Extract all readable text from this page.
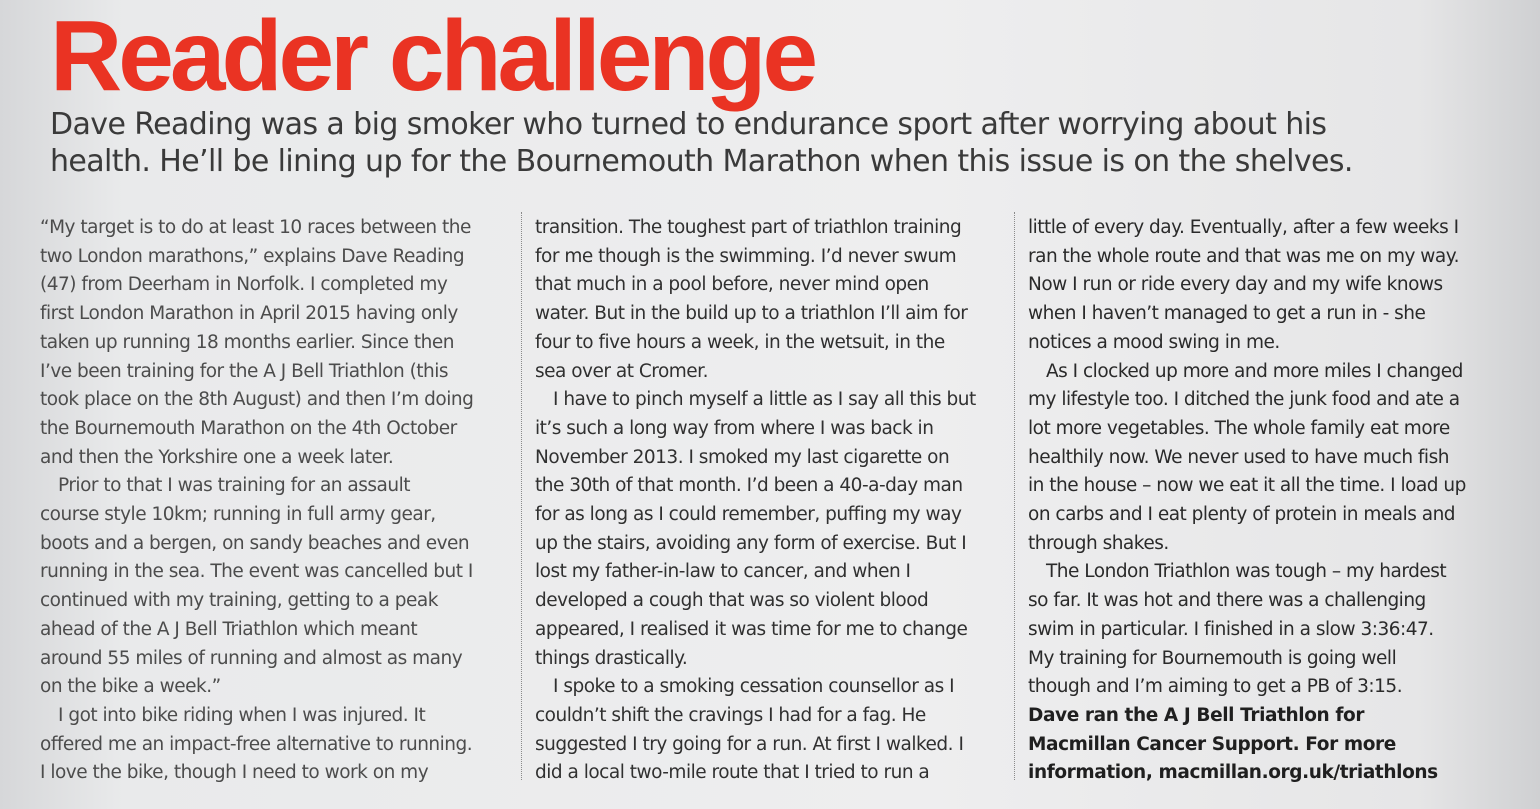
Reader challenge

Dave Reading was a big smoker who turned to endurance sport after worrying about his
health. He’ll be lining up for the Bournemouth Marathon when this issue is on the shelves.

“My target is to do at least 10 races between the
two London marathons,” explains Dave Reading
(47) from Deerham in Norfolk. I completed my
first London Marathon in April 2015 having only
taken up running 18 months earlier. Since then
I’ve been training for the A J Bell Triathlon (this
took place on the 8th August) and then I’m doing
the Bournemouth Marathon on the 4th October
and then the Yorkshire one a week later.
Prior to that I was training for an assault
course style 10km; running in full army gear,
boots and a bergen, on sandy beaches and even
running in the sea. The event was cancelled but I
continued with my training, getting to a peak
ahead of the A J Bell Triathlon which meant
around 55 miles of running and almost as many
on the bike a week.”
I got into bike riding when I was injured. It
offered me an impact-free alternative to running.
I love the bike, though I need to work on my
transition. The toughest part of triathlon training
for me though is the swimming. I’d never swum
that much in a pool before, never mind open
water. But in the build up to a triathlon I’ll aim for
four to five hours a week, in the wetsuit, in the
sea over at Cromer.
I have to pinch myself a little as I say all this but
it’s such a long way from where I was back in
November 2013. I smoked my last cigarette on
the 30th of that month. I’d been a 40-a-day man
for as long as I could remember, puffing my way
up the stairs, avoiding any form of exercise. But I
lost my father-in-law to cancer, and when I
developed a cough that was so violent blood
appeared, I realised it was time for me to change
things drastically.
I spoke to a smoking cessation counsellor as I
couldn’t shift the cravings I had for a fag. He
suggested I try going for a run. At first I walked. I
did a local two-mile route that I tried to run a
little of every day. Eventually, after a few weeks I
ran the whole route and that was me on my way.
Now I run or ride every day and my wife knows
when I haven’t managed to get a run in - she
notices a mood swing in me.
As I clocked up more and more miles I changed
my lifestyle too. I ditched the junk food and ate a
lot more vegetables. The whole family eat more
healthily now. We never used to have much fish
in the house – now we eat it all the time. I load up
on carbs and I eat plenty of protein in meals and
through shakes.
The London Triathlon was tough – my hardest
so far. It was hot and there was a challenging
swim in particular. I finished in a slow 3:36:47.
My training for Bournemouth is going well
though and I’m aiming to get a PB of 3:15.
Dave ran the A J Bell Triathlon for
Macmillan Cancer Support. For more
information, macmillan.org.uk/triathlons
